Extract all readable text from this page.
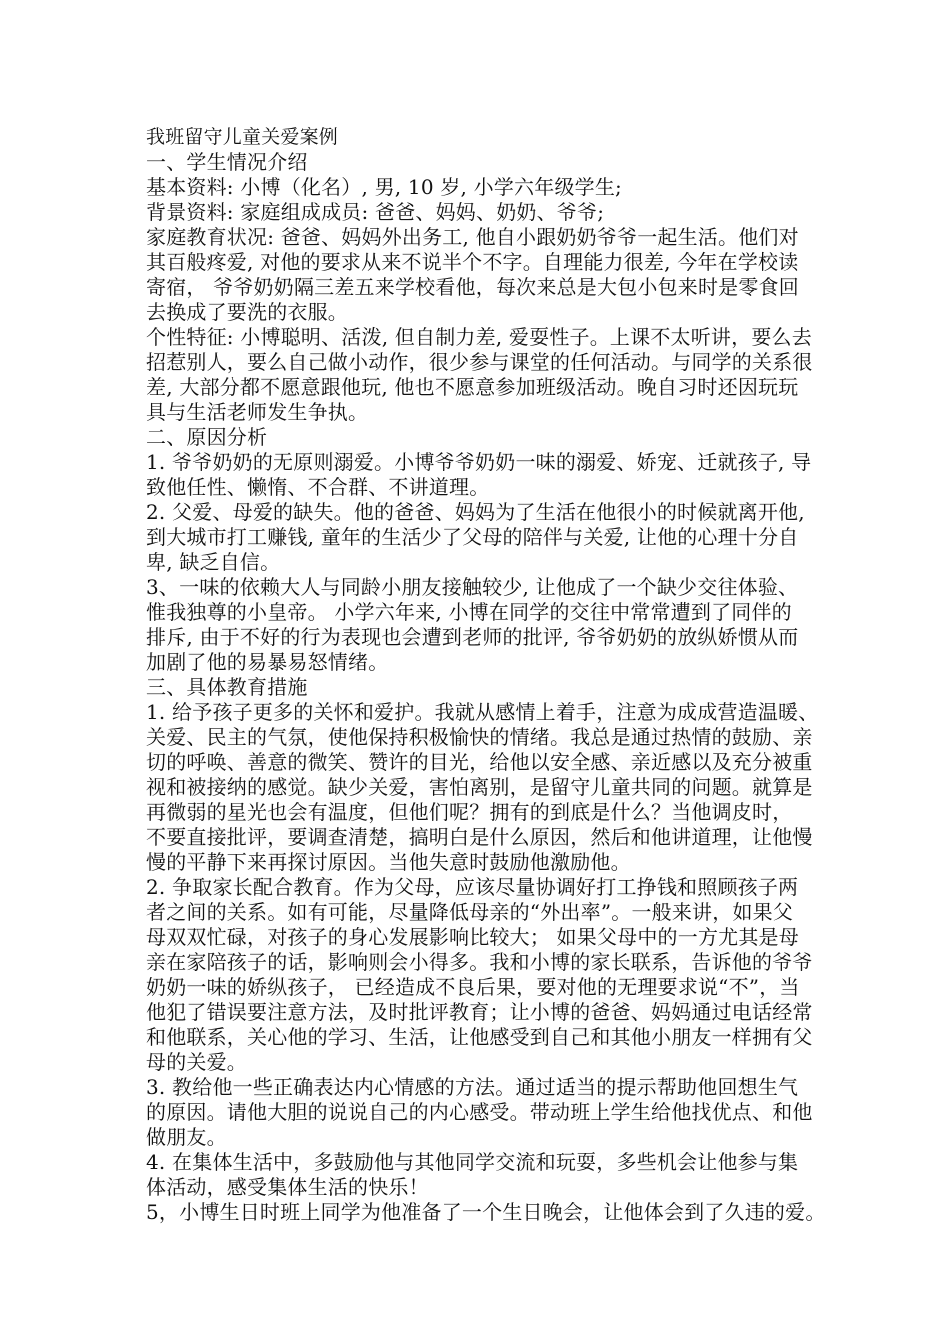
我班留守儿童关爱案例
一、学生情况介绍
基本资料: 小博（化名）, 男, 10 岁, 小学六年级学生;
背景资料: 家庭组成成员: 爸爸、妈妈、奶奶、爷爷;
家庭教育状况: 爸爸、妈妈外出务工, 他自小跟奶奶爷爷一起生活。他们对
其百般疼爱, 对他的要求从来不说半个不字。自理能力很差, 今年在学校读
寄宿， 爷爷奶奶隔三差五来学校看他，每次来总是大包小包来时是零食回
去换成了要洗的衣服。
个性特征: 小博聪明、活泼, 但自制力差, 爱耍性子。上课不太听讲，要么去
招惹别人，要么自己做小动作，很少参与课堂的任何活动。与同学的关系很
差, 大部分都不愿意跟他玩, 他也不愿意参加班级活动。晚自习时还因玩玩
具与生活老师发生争执。
二、原因分析
1. 爷爷奶奶的无原则溺爱。小博爷爷奶奶一味的溺爱、娇宠、迁就孩子, 导
致他任性、懒惰、不合群、不讲道理。
2. 父爱、母爱的缺失。他的爸爸、妈妈为了生活在他很小的时候就离开他,
到大城市打工赚钱, 童年的生活少了父母的陪伴与关爱, 让他的心理十分自
卑, 缺乏自信。
3、一味的依赖大人与同龄小朋友接触较少, 让他成了一个缺少交往体验、
惟我独尊的小皇帝。 小学六年来, 小博在同学的交往中常常遭到了同伴的
排斥, 由于不好的行为表现也会遭到老师的批评, 爷爷奶奶的放纵娇惯从而
加剧了他的易暴易怒情绪。
三、具体教育措施
1. 给予孩子更多的关怀和爱护。我就从感情上着手，注意为成成营造温暖、
关爱、民主的气氛，使他保持积极愉快的情绪。我总是通过热情的鼓励、亲
切的呼唤、善意的微笑、赞许的目光，给他以安全感、亲近感以及充分被重
视和被接纳的感觉。缺少关爱，害怕离别，是留守儿童共同的问题。就算是
再微弱的星光也会有温度，但他们呢？拥有的到底是什么？当他调皮时，
不要直接批评，要调查清楚，搞明白是什么原因，然后和他讲道理，让他慢
慢的平静下来再探讨原因。当他失意时鼓励他激励他。
2. 争取家长配合教育。作为父母，应该尽量协调好打工挣钱和照顾孩子两
者之间的关系。如有可能，尽量降低母亲的“外出率”。一般来讲，如果父
母双双忙碌，对孩子的身心发展影响比较大； 如果父母中的一方尤其是母
亲在家陪孩子的话，影响则会小得多。我和小博的家长联系，告诉他的爷爷
奶奶一味的娇纵孩子， 已经造成不良后果，要对他的无理要求说“不”，当
他犯了错误要注意方法，及时批评教育；让小博的爸爸、妈妈通过电话经常
和他联系，关心他的学习、生活，让他感受到自己和其他小朋友一样拥有父
母的关爱。
3. 教给他一些正确表达内心情感的方法。通过适当的提示帮助他回想生气
的原因。请他大胆的说说自己的内心感受。带动班上学生给他找优点、和他
做朋友。
4. 在集体生活中，多鼓励他与其他同学交流和玩耍，多些机会让他参与集
体活动，感受集体生活的快乐！
5，小博生日时班上同学为他准备了一个生日晚会，让他体会到了久违的爱。
